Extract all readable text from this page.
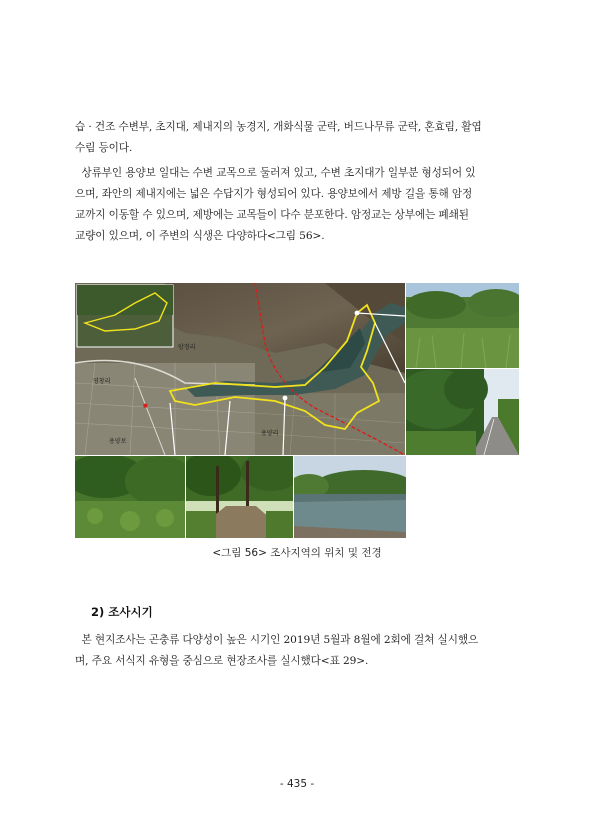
습 · 건조 수변부, 초지대, 제내지의 농경지, 개화식물 군락, 버드나무류 군락, 혼효림, 활엽
수림 등이다.
상류부인 용양보 일대는 수변 교목으로 둘러져 있고, 수변 초지대가 일부분 형성되어 있
으며, 좌안의 제내지에는 넓은 수답지가 형성되어 있다. 용양보에서 제방 길을 통해 암정
교까지 이동할 수 있으며, 제방에는 교목들이 다수 분포한다. 암정교는 상부에는 폐쇄된
교량이 있으며, 이 주변의 식생은 다양하다<그림 56>.
암정리
영창리
용양리
용양보
■
<그림 56> 조사지역의 위치 및 전경
2) 조사시기
본 현지조사는 곤충류 다양성이 높은 시기인 2019년 5월과 8월에 2회에 걸쳐 실시했으
며, 주요 서식지 유형을 중심으로 현장조사를 실시했다<표 29>.
- 435 -
